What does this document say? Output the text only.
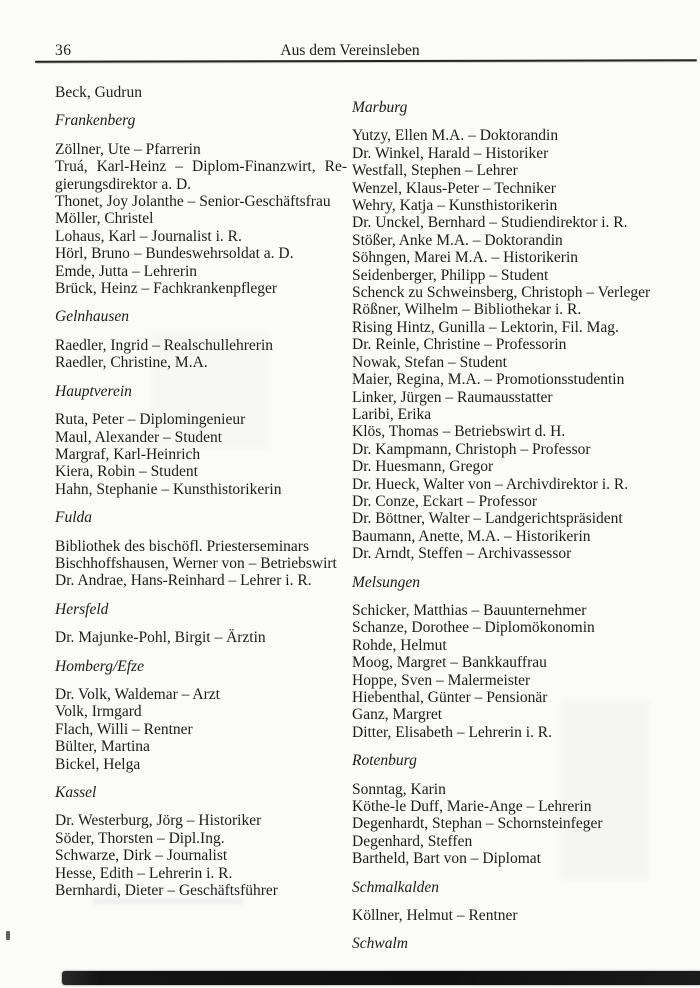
36	Aus dem Vereinsleben
Beck, Gudrun
Frankenberg
Zöllner, Ute – Pfarrerin
Truá, Karl-Heinz – Diplom-Finanzwirt, Re-
gierungsdirektor a. D.
Thonet, Joy Jolanthe – Senior-Geschäftsfrau
Möller, Christel
Lohaus, Karl – Journalist i. R.
Hörl, Bruno – Bundeswehrsoldat a. D.
Emde, Jutta – Lehrerin
Brück, Heinz – Fachkrankenpfleger
Gelnhausen
Raedler, Ingrid – Realschullehrerin
Raedler, Christine, M.A.
Hauptverein
Ruta, Peter – Diplomingenieur
Maul, Alexander – Student
Margraf, Karl-Heinrich
Kiera, Robin – Student
Hahn, Stephanie – Kunsthistorikerin
Fulda
Bibliothek des bischöfl. Priesterseminars
Bischhoffshausen, Werner von – Betriebswirt
Dr. Andrae, Hans-Reinhard – Lehrer i. R.
Hersfeld
Dr. Majunke-Pohl, Birgit – Ärztin
Homberg/Efze
Dr. Volk, Waldemar – Arzt
Volk, Irmgard
Flach, Willi – Rentner
Bülter, Martina
Bickel, Helga
Kassel
Dr. Westerburg, Jörg – Historiker
Söder, Thorsten – Dipl.Ing.
Schwarze, Dirk – Journalist
Hesse, Edith – Lehrerin i. R.
Bernhardi, Dieter – Geschäftsführer
Marburg
Yutzy, Ellen M.A. – Doktorandin
Dr. Winkel, Harald – Historiker
Westfall, Stephen – Lehrer
Wenzel, Klaus-Peter – Techniker
Wehry, Katja – Kunsthistorikerin
Dr. Unckel, Bernhard – Studiendirektor i. R.
Stößer, Anke M.A. – Doktorandin
Söhngen, Marei M.A. – Historikerin
Seidenberger, Philipp – Student
Schenck zu Schweinsberg, Christoph – Verleger
Rößner, Wilhelm – Bibliothekar i. R.
Rising Hintz, Gunilla – Lektorin, Fil. Mag.
Dr. Reinle, Christine – Professorin
Nowak, Stefan – Student
Maier, Regina, M.A. – Promotionsstudentin
Linker, Jürgen – Raumausstatter
Laribi, Erika
Klös, Thomas – Betriebswirt d. H.
Dr. Kampmann, Christoph – Professor
Dr. Huesmann, Gregor
Dr. Hueck, Walter von – Archivdirektor i. R.
Dr. Conze, Eckart – Professor
Dr. Böttner, Walter – Landgerichtspräsident
Baumann, Anette, M.A. – Historikerin
Dr. Arndt, Steffen – Archivassessor
Melsungen
Schicker, Matthias – Bauunternehmer
Schanze, Dorothee – Diplomökonomin
Rohde, Helmut
Moog, Margret – Bankkauffrau
Hoppe, Sven – Malermeister
Hiebenthal, Günter – Pensionär
Ganz, Margret
Ditter, Elisabeth – Lehrerin i. R.
Rotenburg
Sonntag, Karin
Köthe-le Duff, Marie-Ange – Lehrerin
Degenhardt, Stephan – Schornsteinfeger
Degenhard, Steffen
Bartheld, Bart von – Diplomat
Schmalkalden
Köllner, Helmut – Rentner
Schwalm
